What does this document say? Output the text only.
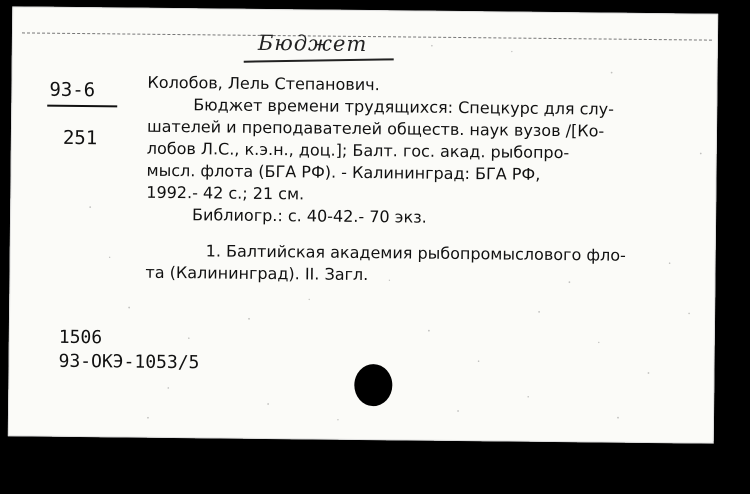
Бюджет
93-6
251

Колобов, Лель Степанович.

Бюджет времени трудящихся: Спецкурс для слу-

шателей и преподавателей обществ. наук вузов /[Ко-

лобов Л.С., к.э.н., доц.]; Балт. гос. акад. рыбопро-

мысл. флота (БГА РФ). - Калининград: БГА РФ,

1992.- 42 с.; 21 см.

Библиогр.: с. 40-42.- 70 экз.

1. Балтийская академия рыбопромыслового фло-

та (Калининград). II. Загл.

1506
93-ОКЭ-1053/5
